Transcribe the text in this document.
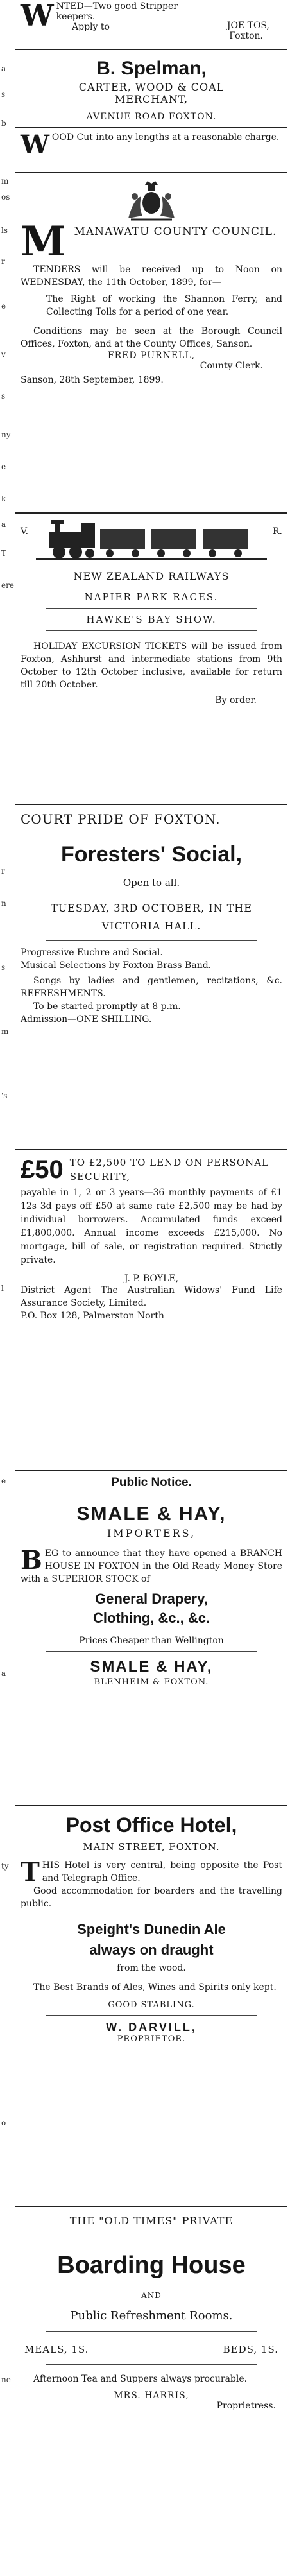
a
s
b
m
os
ls
r
e
v
s
ny
e
k
a
T
ere
r
n
s
m
's
l
e
a
ty
o
ne
W NTED—Two good Stripper

keepers.

Apply to	JOE TOS,

Foxton.

B. Spelman,

CARTER, WOOD & COAL

MERCHANT,

AVENUE ROAD FOXTON.

W OOD Cut into any lengths at a reasonable charge.

M MANAWATU COUNTY COUNCIL.

TENDERS will be received up to Noon on WEDNESDAY, the 11th October, 1899, for—

The Right of working the Shannon Ferry, and Collecting Tolls for a period of one year.

Conditions may be seen at the Borough Council Offices, Foxton, and at the County Offices, Sanson.

FRED PURNELL,

County Clerk.

Sanson, 28th September, 1899.

V.	R.

NEW ZEALAND RAILWAYS

NAPIER PARK RACES.

HAWKE'S BAY SHOW.

HOLIDAY EXCURSION TICKETS will be issued from Foxton, Ashhurst and intermediate stations from 9th October to 12th October inclusive, available for return till 20th October.

By order.

COURT PRIDE OF FOXTON.

Foresters' Social,

Open to all.

TUESDAY, 3RD OCTOBER, IN THE VICTORIA HALL.

Progressive Euchre and Social.

Musical Selections by Foxton Brass Band.

Songs by ladies and gentlemen, recitations, &c. REFRESHMENTS.

To be started promptly at 8 p.m.

Admission—ONE SHILLING.

£50 TO £2,500 TO LEND ON PERSONAL SECURITY,

payable in 1, 2 or 3 years—36 monthly payments of £1 12s 3d pays off £50 at same rate £2,500 may be had by individual borrowers. Accumulated funds exceed £1,800,000. Annual income exceeds £215,000. No mortgage, bill of sale, or registration required. Strictly private.

J. P. BOYLE,

District Agent The Australian Widows' Fund Life Assurance Society, Limited.

P.O. Box 128, Palmerston North

Public Notice.

SMALE & HAY,

IMPORTERS,

B EG to announce that they have opened a BRANCH HOUSE IN FOXTON in the Old Ready Money Store with a SUPERIOR STOCK of

General Drapery,

Clothing, &c., &c.

Prices Cheaper than Wellington

SMALE & HAY,

BLENHEIM & FOXTON.

Post Office Hotel,

MAIN STREET, FOXTON.

T HIS Hotel is very central, being opposite the Post and Telegraph Office.

Good accommodation for boarders and the travelling public.

Speight's Dunedin Ale

always on draught

from the wood.

The Best Brands of Ales, Wines and Spirits only kept.

GOOD STABLING.

W. DARVILL,

PROPRIETOR.

THE "OLD TIMES" PRIVATE

Boarding House

AND

Public Refreshment Rooms.

MEALS, 1S.	BEDS, 1S.

Afternoon Tea and Suppers always procurable.

MRS. HARRIS,

Proprietress.
